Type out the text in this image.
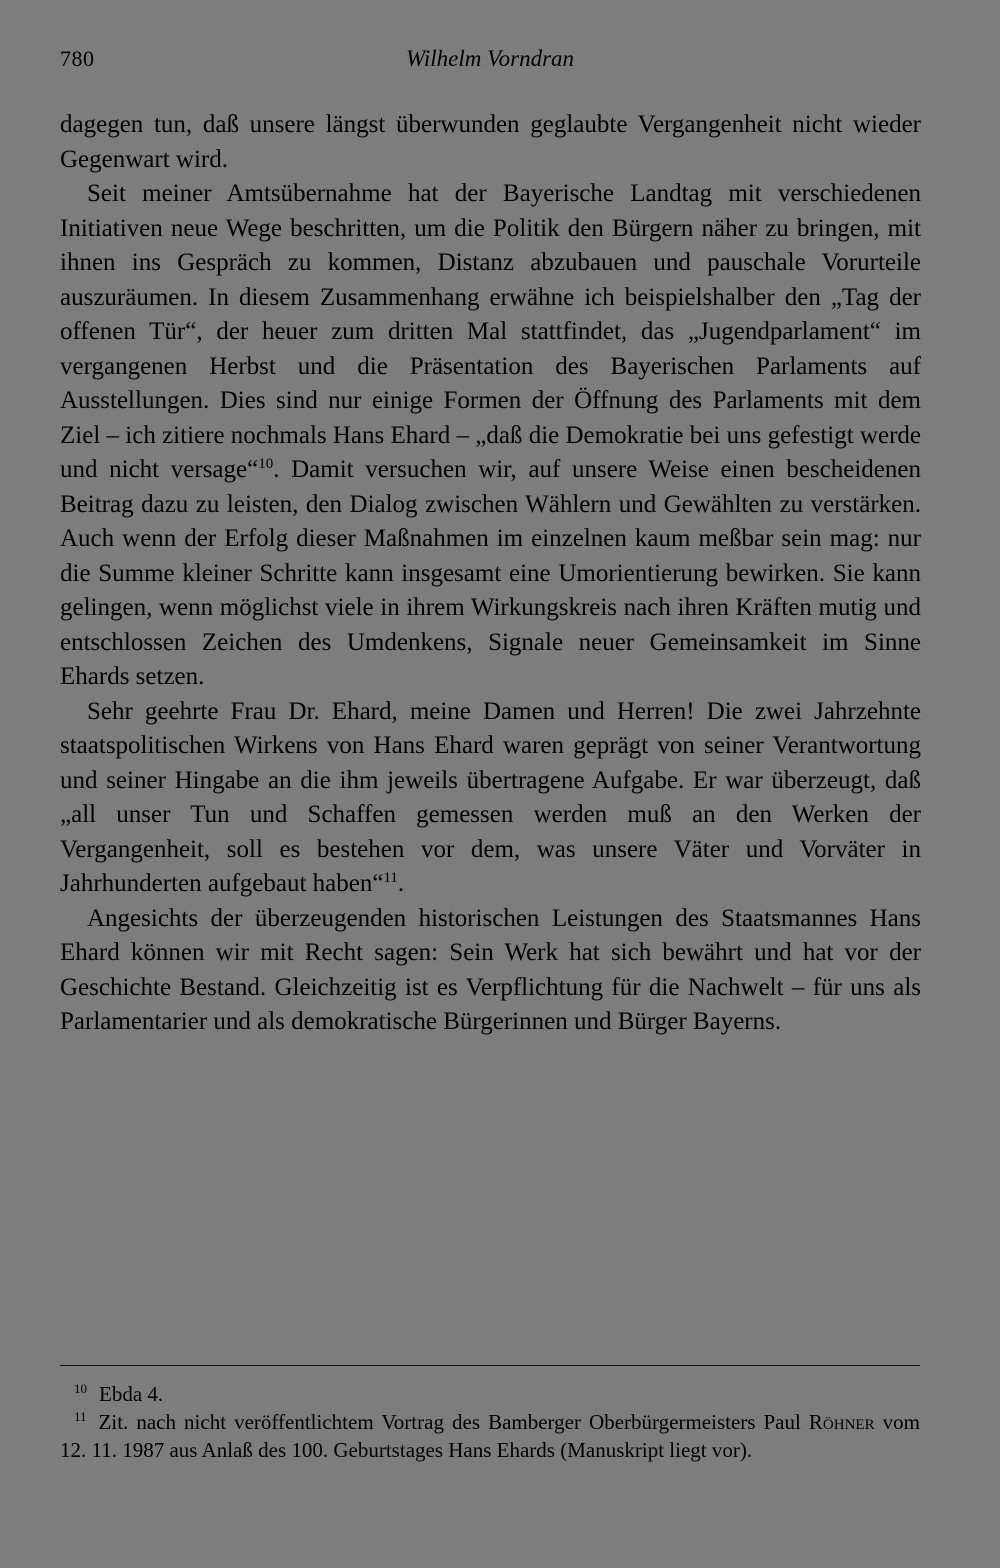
780	Wilhelm Vorndran

dagegen tun, daß unsere längst überwunden geglaubte Vergangenheit nicht wieder Gegenwart wird.

Seit meiner Amtsübernahme hat der Bayerische Landtag mit verschiedenen Initiativen neue Wege beschritten, um die Politik den Bürgern näher zu bringen, mit ihnen ins Gespräch zu kommen, Distanz abzubauen und pauschale Vorurteile auszuräumen. In diesem Zusammenhang erwähne ich beispielshalber den „Tag der offenen Tür“, der heuer zum dritten Mal stattfindet, das „Jugendparlament“ im vergangenen Herbst und die Präsentation des Bayerischen Parlaments auf Ausstellungen. Dies sind nur einige Formen der Öffnung des Parlaments mit dem Ziel – ich zitiere nochmals Hans Ehard – „daß die Demokratie bei uns gefestigt werde und nicht versage“$^{10}$. Damit versuchen wir, auf unsere Weise einen bescheidenen Beitrag dazu zu leisten, den Dialog zwischen Wählern und Gewählten zu verstärken. Auch wenn der Erfolg dieser Maßnahmen im einzelnen kaum meßbar sein mag: nur die Summe kleiner Schritte kann insgesamt eine Umorientierung bewirken. Sie kann gelingen, wenn möglichst viele in ihrem Wirkungskreis nach ihren Kräften mutig und entschlossen Zeichen des Umdenkens, Signale neuer Gemeinsamkeit im Sinne Ehards setzen.

Sehr geehrte Frau Dr. Ehard, meine Damen und Herren! Die zwei Jahrzehnte staatspolitischen Wirkens von Hans Ehard waren geprägt von seiner Verantwortung und seiner Hingabe an die ihm jeweils übertragene Aufgabe. Er war überzeugt, daß „all unser Tun und Schaffen gemessen werden muß an den Werken der Vergangenheit, soll es bestehen vor dem, was unsere Väter und Vorväter in Jahrhunderten aufgebaut haben“$^{11}$.

Angesichts der überzeugenden historischen Leistungen des Staatsmannes Hans Ehard können wir mit Recht sagen: Sein Werk hat sich bewährt und hat vor der Geschichte Bestand. Gleichzeitig ist es Verpflichtung für die Nachwelt – für uns als Parlamentarier und als demokratische Bürgerinnen und Bürger Bayerns.

$^{10}$ Ebda 4.

$^{11}$ Zit. nach nicht veröffentlichtem Vortrag des Bamberger Oberbürgermeisters Paul Röhner vom 12. 11. 1987 aus Anlaß des 100. Geburtstages Hans Ehards (Manuskript liegt vor).
